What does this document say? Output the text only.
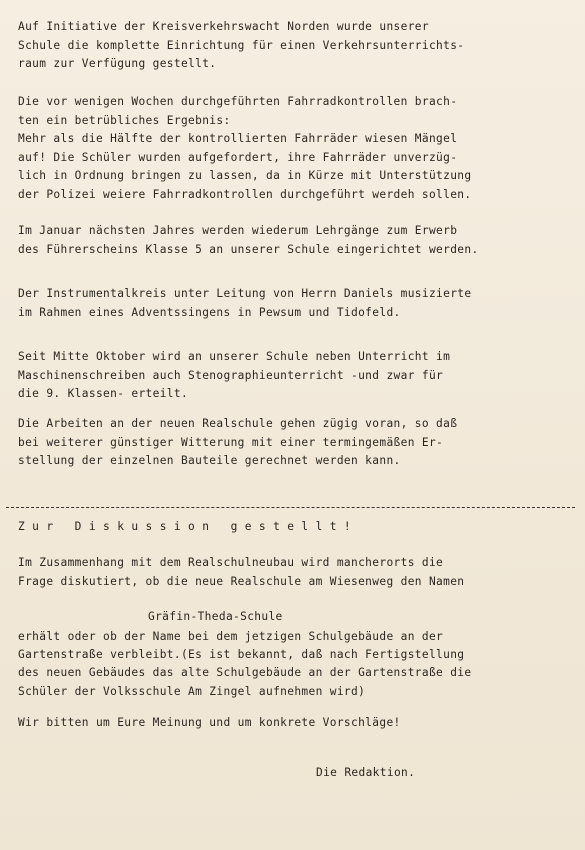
Auf Initiative der Kreisverkehrswacht Norden wurde unserer
Schule die komplette Einrichtung für einen Verkehrsunterrichts-
raum zur Verfügung gestellt.
Die vor wenigen Wochen durchgeführten Fahrradkontrollen brach-
ten ein betrübliches Ergebnis:
Mehr als die Hälfte der kontrollierten Fahrräder wiesen Mängel
auf! Die Schüler wurden aufgefordert, ihre Fahrräder unverzüg-
lich in Ordnung bringen zu lassen, da in Kürze mit Unterstützung
der Polizei weiere Fahrradkontrollen durchgeführt werdeh sollen.
Im Januar nächsten Jahres werden wiederum Lehrgänge zum Erwerb
des Führerscheins Klasse 5 an unserer Schule eingerichtet werden.
Der Instrumentalkreis unter Leitung von Herrn Daniels musizierte
im Rahmen eines Adventssingens in Pewsum und Tidofeld.
Seit Mitte Oktober wird an unserer Schule neben Unterricht im
Maschinenschreiben auch Stenographieunterricht -und zwar für
die 9. Klassen- erteilt.
Die Arbeiten an der neuen Realschule gehen zügig voran, so daß
bei weiterer günstiger Witterung mit einer termingemäßen Er-
stellung der einzelnen Bauteile gerechnet werden kann.
Z u r   D i s k u s s i o n   g e s t e l l t !
Im Zusammenhang mit dem Realschulneubau wird mancherorts die
Frage diskutiert, ob die neue Realschule am Wiesenweg den Namen
Gräfin-Theda-Schule
erhält oder ob der Name bei dem jetzigen Schulgebäude an der
Gartenstraße verbleibt.(Es ist bekannt, daß nach Fertigstellung
des neuen Gebäudes das alte Schulgebäude an der Gartenstraße die
Schüler der Volksschule Am Zingel aufnehmen wird)
Wir bitten um Eure Meinung und um konkrete Vorschläge!
Die Redaktion.
